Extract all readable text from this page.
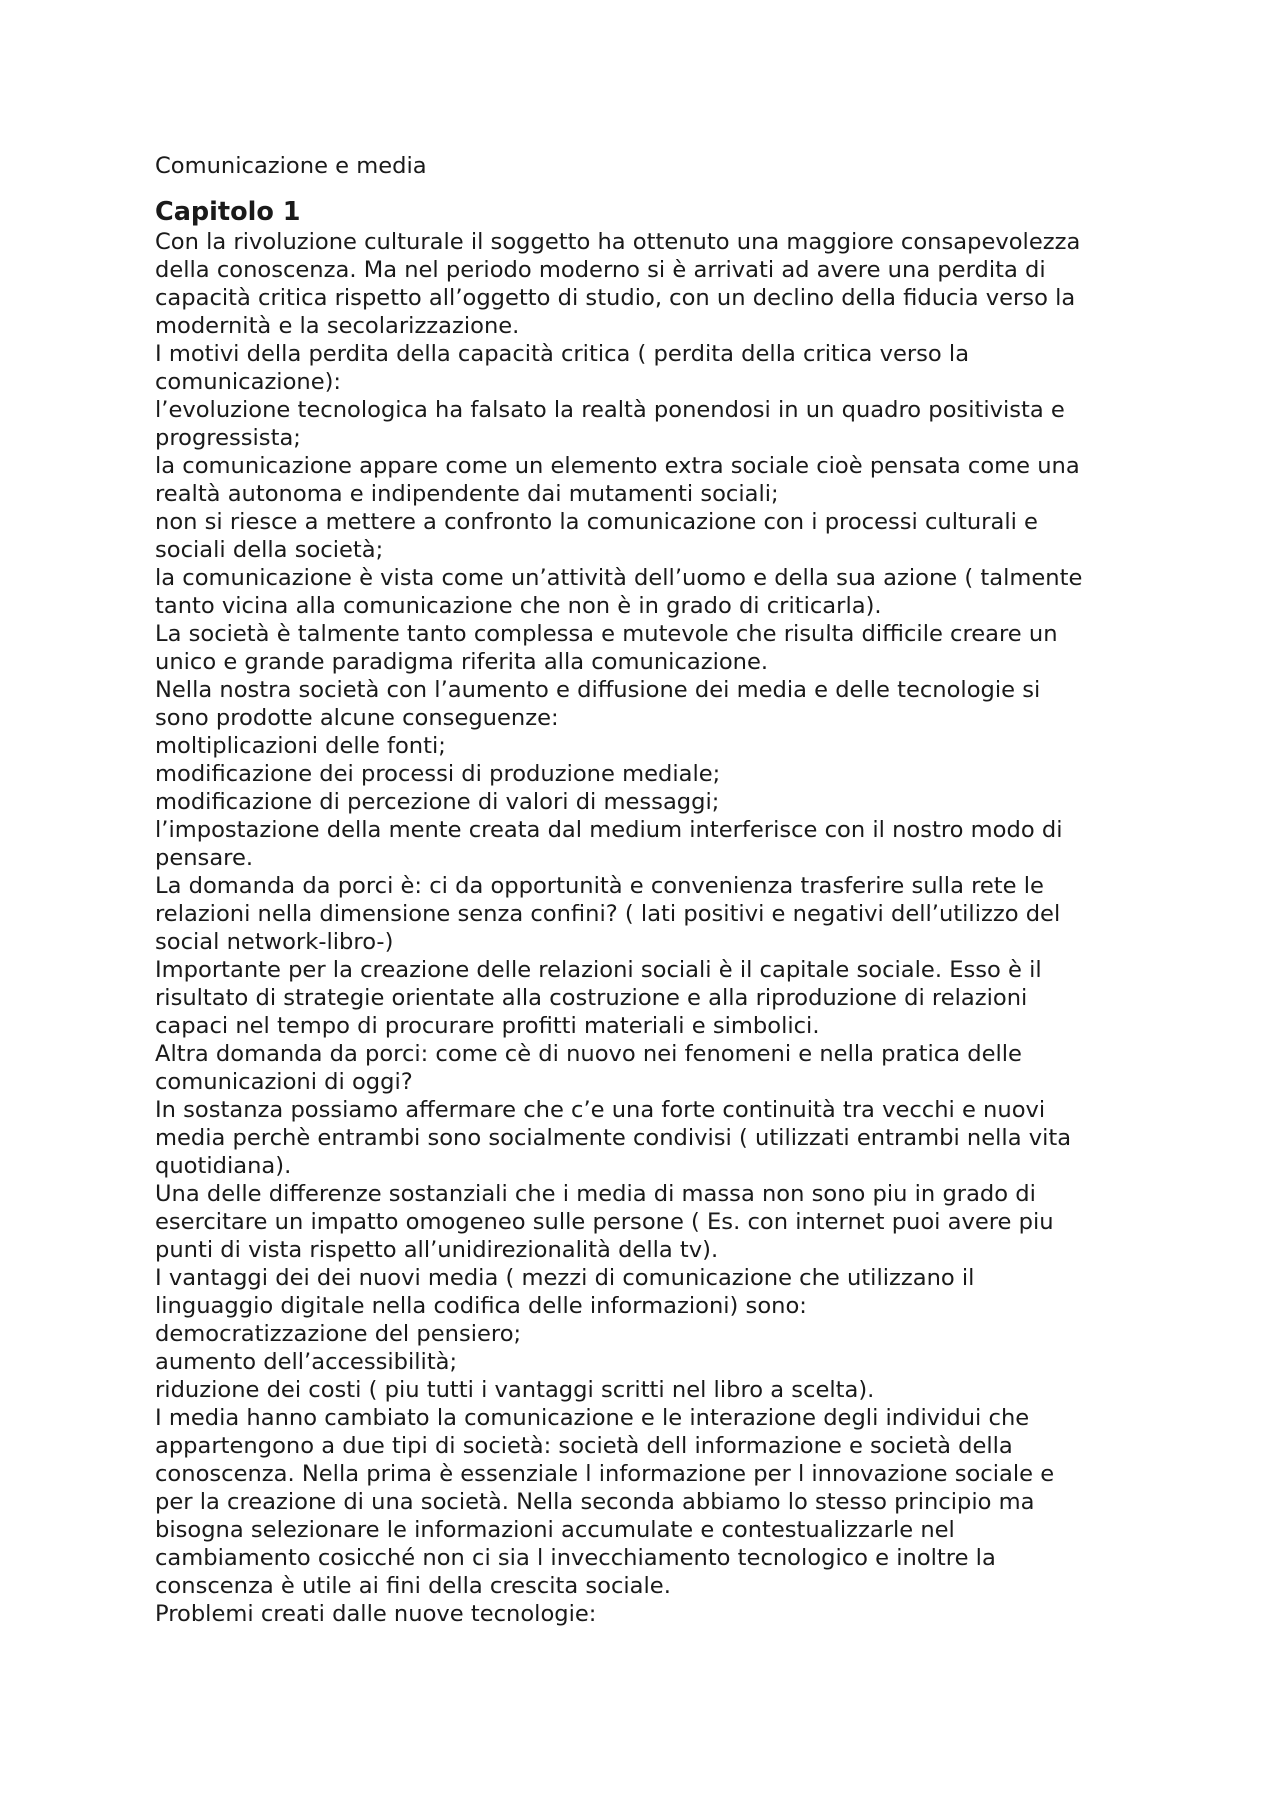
Comunicazione e media
Capitolo 1

Con la rivoluzione culturale il soggetto ha ottenuto una maggiore consapevolezza

della conoscenza. Ma nel periodo moderno si è arrivati ad avere una perdita di

capacità critica rispetto all’oggetto di studio, con un declino della fiducia verso la

modernità e la secolarizzazione.

I motivi della perdita della capacità critica ( perdita della critica verso la

comunicazione):

l’evoluzione tecnologica ha falsato la realtà ponendosi in un quadro positivista e

progressista;

la comunicazione appare come un elemento extra sociale cioè pensata come una

realtà autonoma e indipendente dai mutamenti sociali;

non si riesce a mettere a confronto la comunicazione con i processi culturali e

sociali della società;

la comunicazione è vista come un’attività dell’uomo e della sua azione ( talmente

tanto vicina alla comunicazione che non è in grado di criticarla).

La società è talmente tanto complessa e mutevole che risulta difficile creare un

unico e grande paradigma riferita alla comunicazione.

Nella nostra società con l’aumento e diffusione dei media e delle tecnologie si

sono prodotte alcune conseguenze:

moltiplicazioni delle fonti;

modificazione dei processi di produzione mediale;

modificazione di percezione di valori di messaggi;

l’impostazione della mente creata dal medium interferisce con il nostro modo di

pensare.

La domanda da porci è: ci da opportunità e convenienza trasferire sulla rete le

relazioni nella dimensione senza confini? ( lati positivi e negativi dell’utilizzo del

social network-libro-)

Importante per la creazione delle relazioni sociali è il capitale sociale. Esso è il

risultato di strategie orientate alla costruzione e alla riproduzione di relazioni

capaci nel tempo di procurare profitti materiali e simbolici.

Altra domanda da porci: come cè di nuovo nei fenomeni e nella pratica delle

comunicazioni di oggi?

In sostanza possiamo affermare che c’e una forte continuità tra vecchi e nuovi

media perchè entrambi sono socialmente condivisi ( utilizzati entrambi nella vita

quotidiana).

Una delle differenze sostanziali che i media di massa non sono piu in grado di

esercitare un impatto omogeneo sulle persone ( Es. con internet puoi avere piu

punti di vista rispetto all’unidirezionalità della tv).

I vantaggi dei dei nuovi media ( mezzi di comunicazione che utilizzano il

linguaggio digitale nella codifica delle informazioni) sono:

democratizzazione del pensiero;

aumento dell’accessibilità;

riduzione dei costi ( piu tutti i vantaggi scritti nel libro a scelta).

I media hanno cambiato la comunicazione e le interazione degli individui che

appartengono a due tipi di società: società dell informazione e società della

conoscenza. Nella prima è essenziale l informazione per l innovazione sociale e

per la creazione di una società. Nella seconda abbiamo lo stesso principio ma

bisogna selezionare le informazioni accumulate e contestualizzarle nel

cambiamento cosicché non ci sia l invecchiamento tecnologico e inoltre la

conscenza è utile ai fini della crescita sociale.

Problemi creati dalle nuove tecnologie:
